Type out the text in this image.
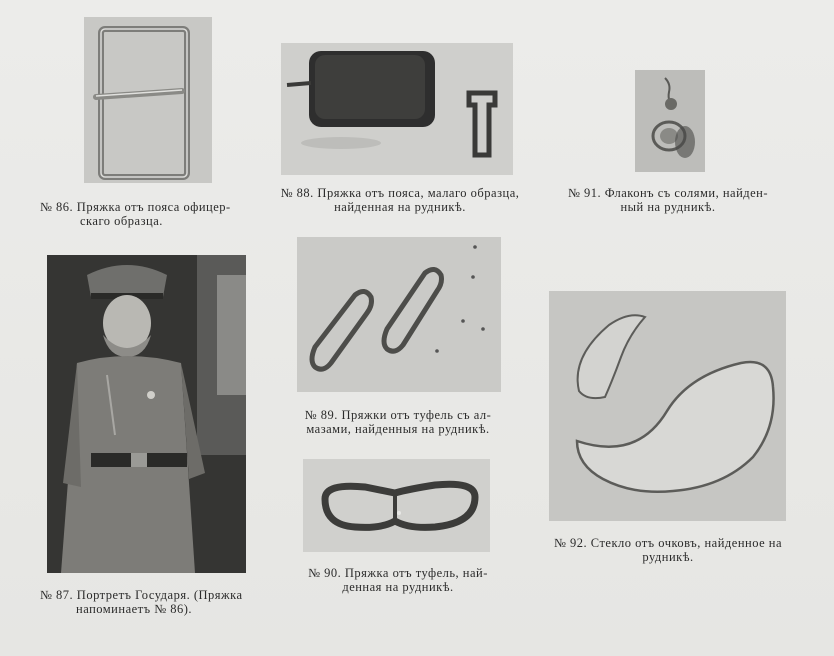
№ 86. Пряжка отъ пояса офицер-
скаго образца.
№ 88. Пряжка отъ пояса, малаго образца,
найденная на рудникѣ.
№ 91. Флаконъ съ солями, найден-
ный на рудникѣ.
№ 87. Портретъ Государя. (Пряжка
напоминаетъ № 86).
№ 89. Пряжки отъ туфель съ ал-
мазами, найденныя на рудникѣ.
№ 90. Пряжка отъ туфель, най-
денная на рудникѣ.
№ 92. Стекло отъ очковъ, найденное на
рудникѣ.
